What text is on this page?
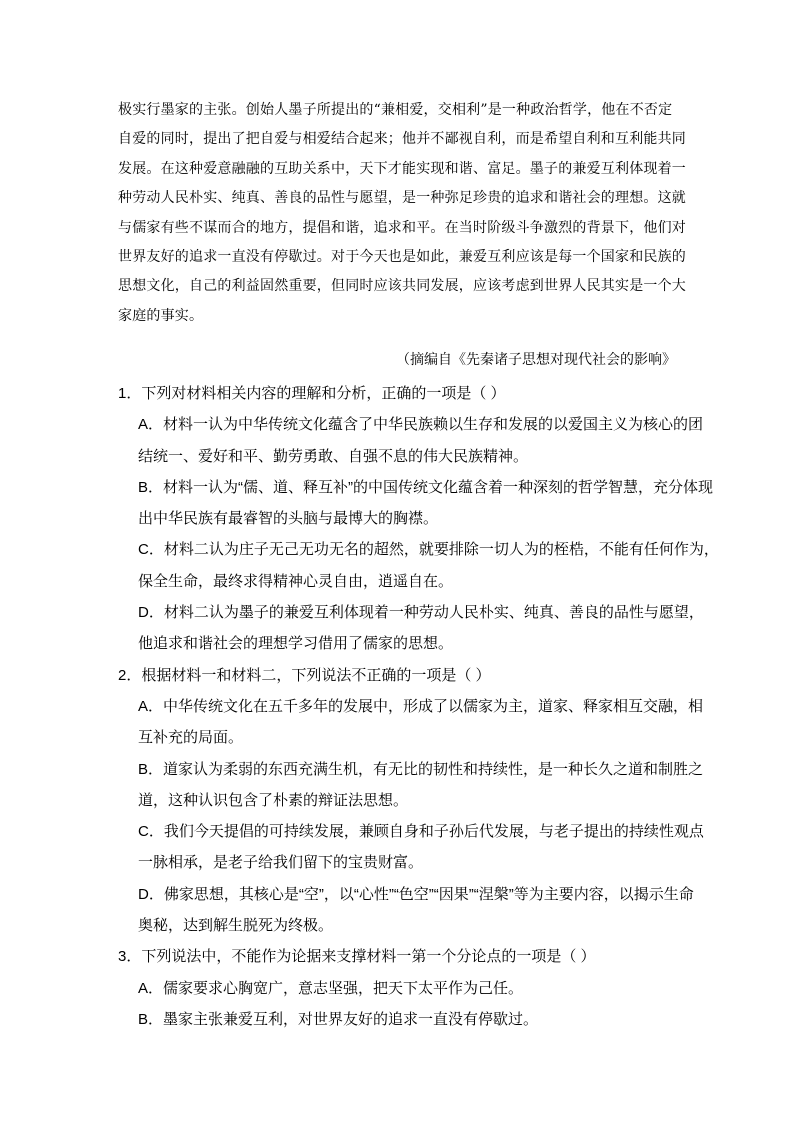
极实行墨家的主张。创始人墨子所提出的“兼相爱，交相利”是一种政治哲学，他在不否定
自爱的同时，提出了把自爱与相爱结合起来；他并不鄙视自利，而是希望自利和互利能共同
发展。在这种爱意融融的互助关系中，天下才能实现和谐、富足。墨子的兼爱互利体现着一
种劳动人民朴实、纯真、善良的品性与愿望，是一种弥足珍贵的追求和谐社会的理想。这就
与儒家有些不谋而合的地方，提倡和谐，追求和平。在当时阶级斗争激烈的背景下，他们对
世界友好的追求一直没有停歇过。对于今天也是如此，兼爱互利应该是每一个国家和民族的
思想文化，自己的利益固然重要，但同时应该共同发展，应该考虑到世界人民其实是一个大
家庭的事实。
（摘编自《先秦诸子思想对现代社会的影响》
1．下列对材料相关内容的理解和分析，正确的一项是（ ）
A．材料一认为中华传统文化蕴含了中华民族赖以生存和发展的以爱国主义为核心的团
结统一、爱好和平、勤劳勇敢、自强不息的伟大民族精神。
B．材料一认为“儒、道、释互补”的中国传统文化蕴含着一种深刻的哲学智慧，充分体现
出中华民族有最睿智的头脑与最博大的胸襟。
C．材料二认为庄子无己无功无名的超然，就要排除一切人为的桎梏，不能有任何作为，
保全生命，最终求得精神心灵自由，逍遥自在。
D．材料二认为墨子的兼爱互利体现着一种劳动人民朴实、纯真、善良的品性与愿望，
他追求和谐社会的理想学习借用了儒家的思想。
2．根据材料一和材料二，下列说法不正确的一项是（ ）
A．中华传统文化在五千多年的发展中，形成了以儒家为主，道家、释家相互交融，相
互补充的局面。
B．道家认为柔弱的东西充满生机，有无比的韧性和持续性，是一种长久之道和制胜之
道，这种认识包含了朴素的辩证法思想。
C．我们今天提倡的可持续发展，兼顾自身和子孙后代发展，与老子提出的持续性观点
一脉相承，是老子给我们留下的宝贵财富。
D．佛家思想，其核心是“空”，以“心性”“色空”“因果”“涅槃”等为主要内容，以揭示生命
奥秘，达到解生脱死为终极。
3．下列说法中，不能作为论据来支撑材料一第一个分论点的一项是（ ）
A．儒家要求心胸宽广，意志坚强，把天下太平作为己任。
B．墨家主张兼爱互利，对世界友好的追求一直没有停歇过。
